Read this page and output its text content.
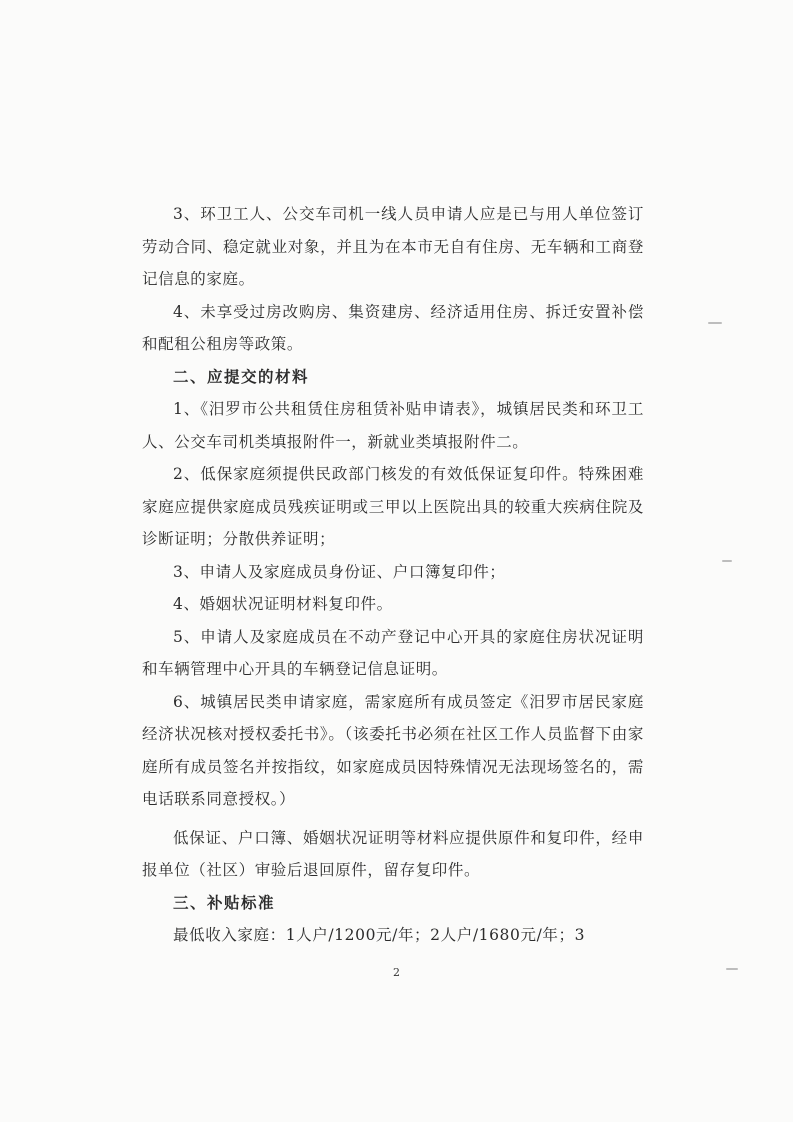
3、环卫工人、公交车司机一线人员申请人应是已与用人单位签订劳动合同、稳定就业对象，并且为在本市无自有住房、无车辆和工商登记信息的家庭。

4、未享受过房改购房、集资建房、经济适用住房、拆迁安置补偿和配租公租房等政策。

二、应提交的材料

1、《汨罗市公共租赁住房租赁补贴申请表》，城镇居民类和环卫工人、公交车司机类填报附件一，新就业类填报附件二。

2、低保家庭须提供民政部门核发的有效低保证复印件。特殊困难家庭应提供家庭成员残疾证明或三甲以上医院出具的较重大疾病住院及诊断证明；分散供养证明；

3、申请人及家庭成员身份证、户口簿复印件；

4、婚姻状况证明材料复印件。

5、申请人及家庭成员在不动产登记中心开具的家庭住房状况证明和车辆管理中心开具的车辆登记信息证明。

6、城镇居民类申请家庭，需家庭所有成员签定《汨罗市居民家庭经济状况核对授权委托书》。（该委托书必须在社区工作人员监督下由家庭所有成员签名并按指纹，如家庭成员因特殊情况无法现场签名的，需电话联系同意授权。）

低保证、户口簿、婚姻状况证明等材料应提供原件和复印件，经申报单位（社区）审验后退回原件，留存复印件。

三、补贴标准

最低收入家庭：1人户/1200元/年；2人户/1680元/年；3

2
